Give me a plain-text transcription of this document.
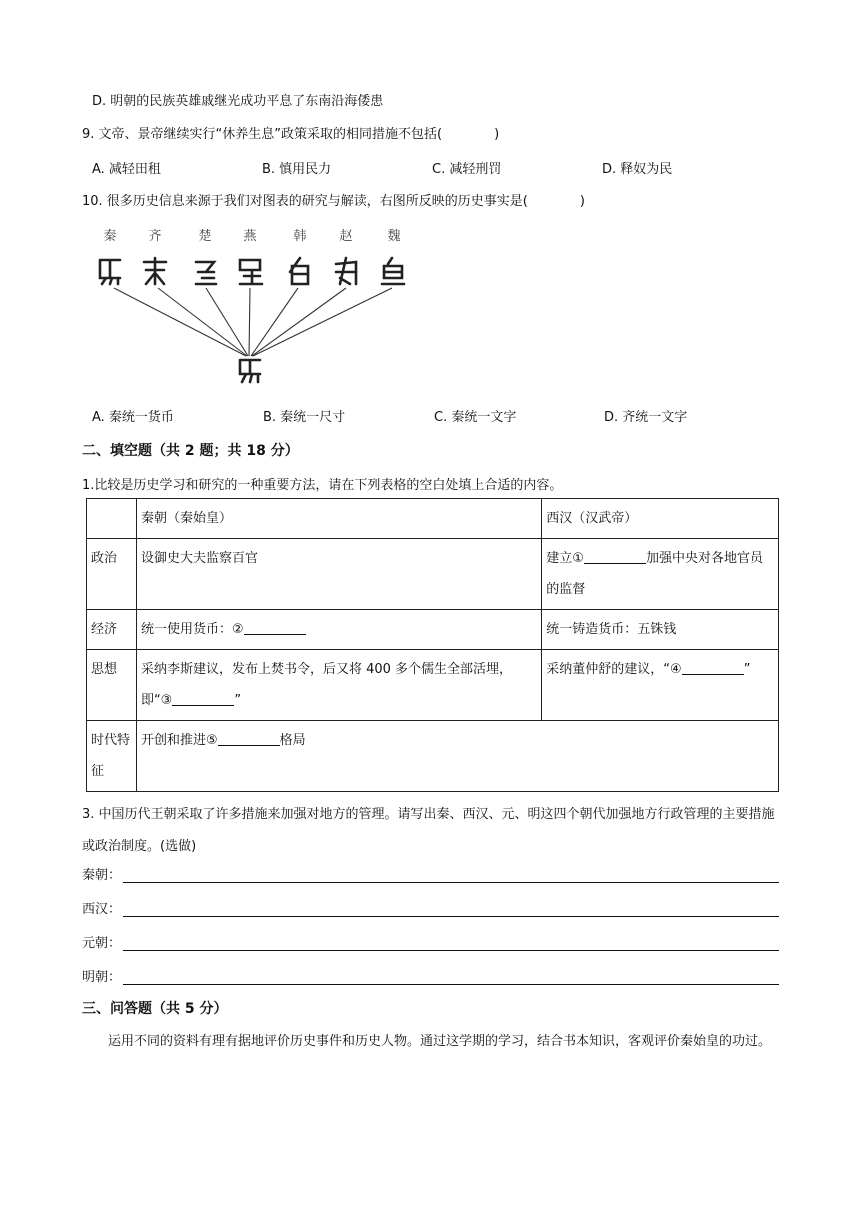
D. 明朝的民族英雄戚继光成功平息了东南沿海倭患
9. 文帝、景帝继续实行“休养生息”政策采取的相同措施不包括(　　　　)
A. 减轻田租	B. 慎用民力	C. 减轻刑罚	D. 释奴为民
10. 很多历史信息来源于我们对图表的研究与解读，右图所反映的历史事实是(　　　　)
秦 齐	楚 燕	韩	赵	魏
A. 秦统一货币	B. 秦统一尺寸	C. 秦统一文字	D. 齐统一文字
二、填空题（共 2 题；共 18 分）
1.比较是历史学习和研究的一种重要方法，请在下列表格的空白处填上合适的内容。
	秦朝（秦始皇）	西汉（汉武帝）
政治	设御史大夫监察百官	建立① 加强中央对各地官员的监督
经济	统一使用货币：②	统一铸造货币：五铢钱
思想	采纳李斯建议，发布上焚书令，后又将 400 多个儒生全部活埋，即“③ ”	采纳董仲舒的建议，“④ ”
时代特征	开创和推进⑤ 格局	
3. 中国历代王朝采取了许多措施来加强对地方的管理。请写出秦、西汉、元、明这四个朝代加强地方行政管理的主要措施或政治制度。(选做)
秦朝：
西汉：
元朝：
明朝：
三、问答题（共 5 分）
运用不同的资料有理有据地评价历史事件和历史人物。通过这学期的学习，结合书本知识，客观评价秦始皇的功过。
